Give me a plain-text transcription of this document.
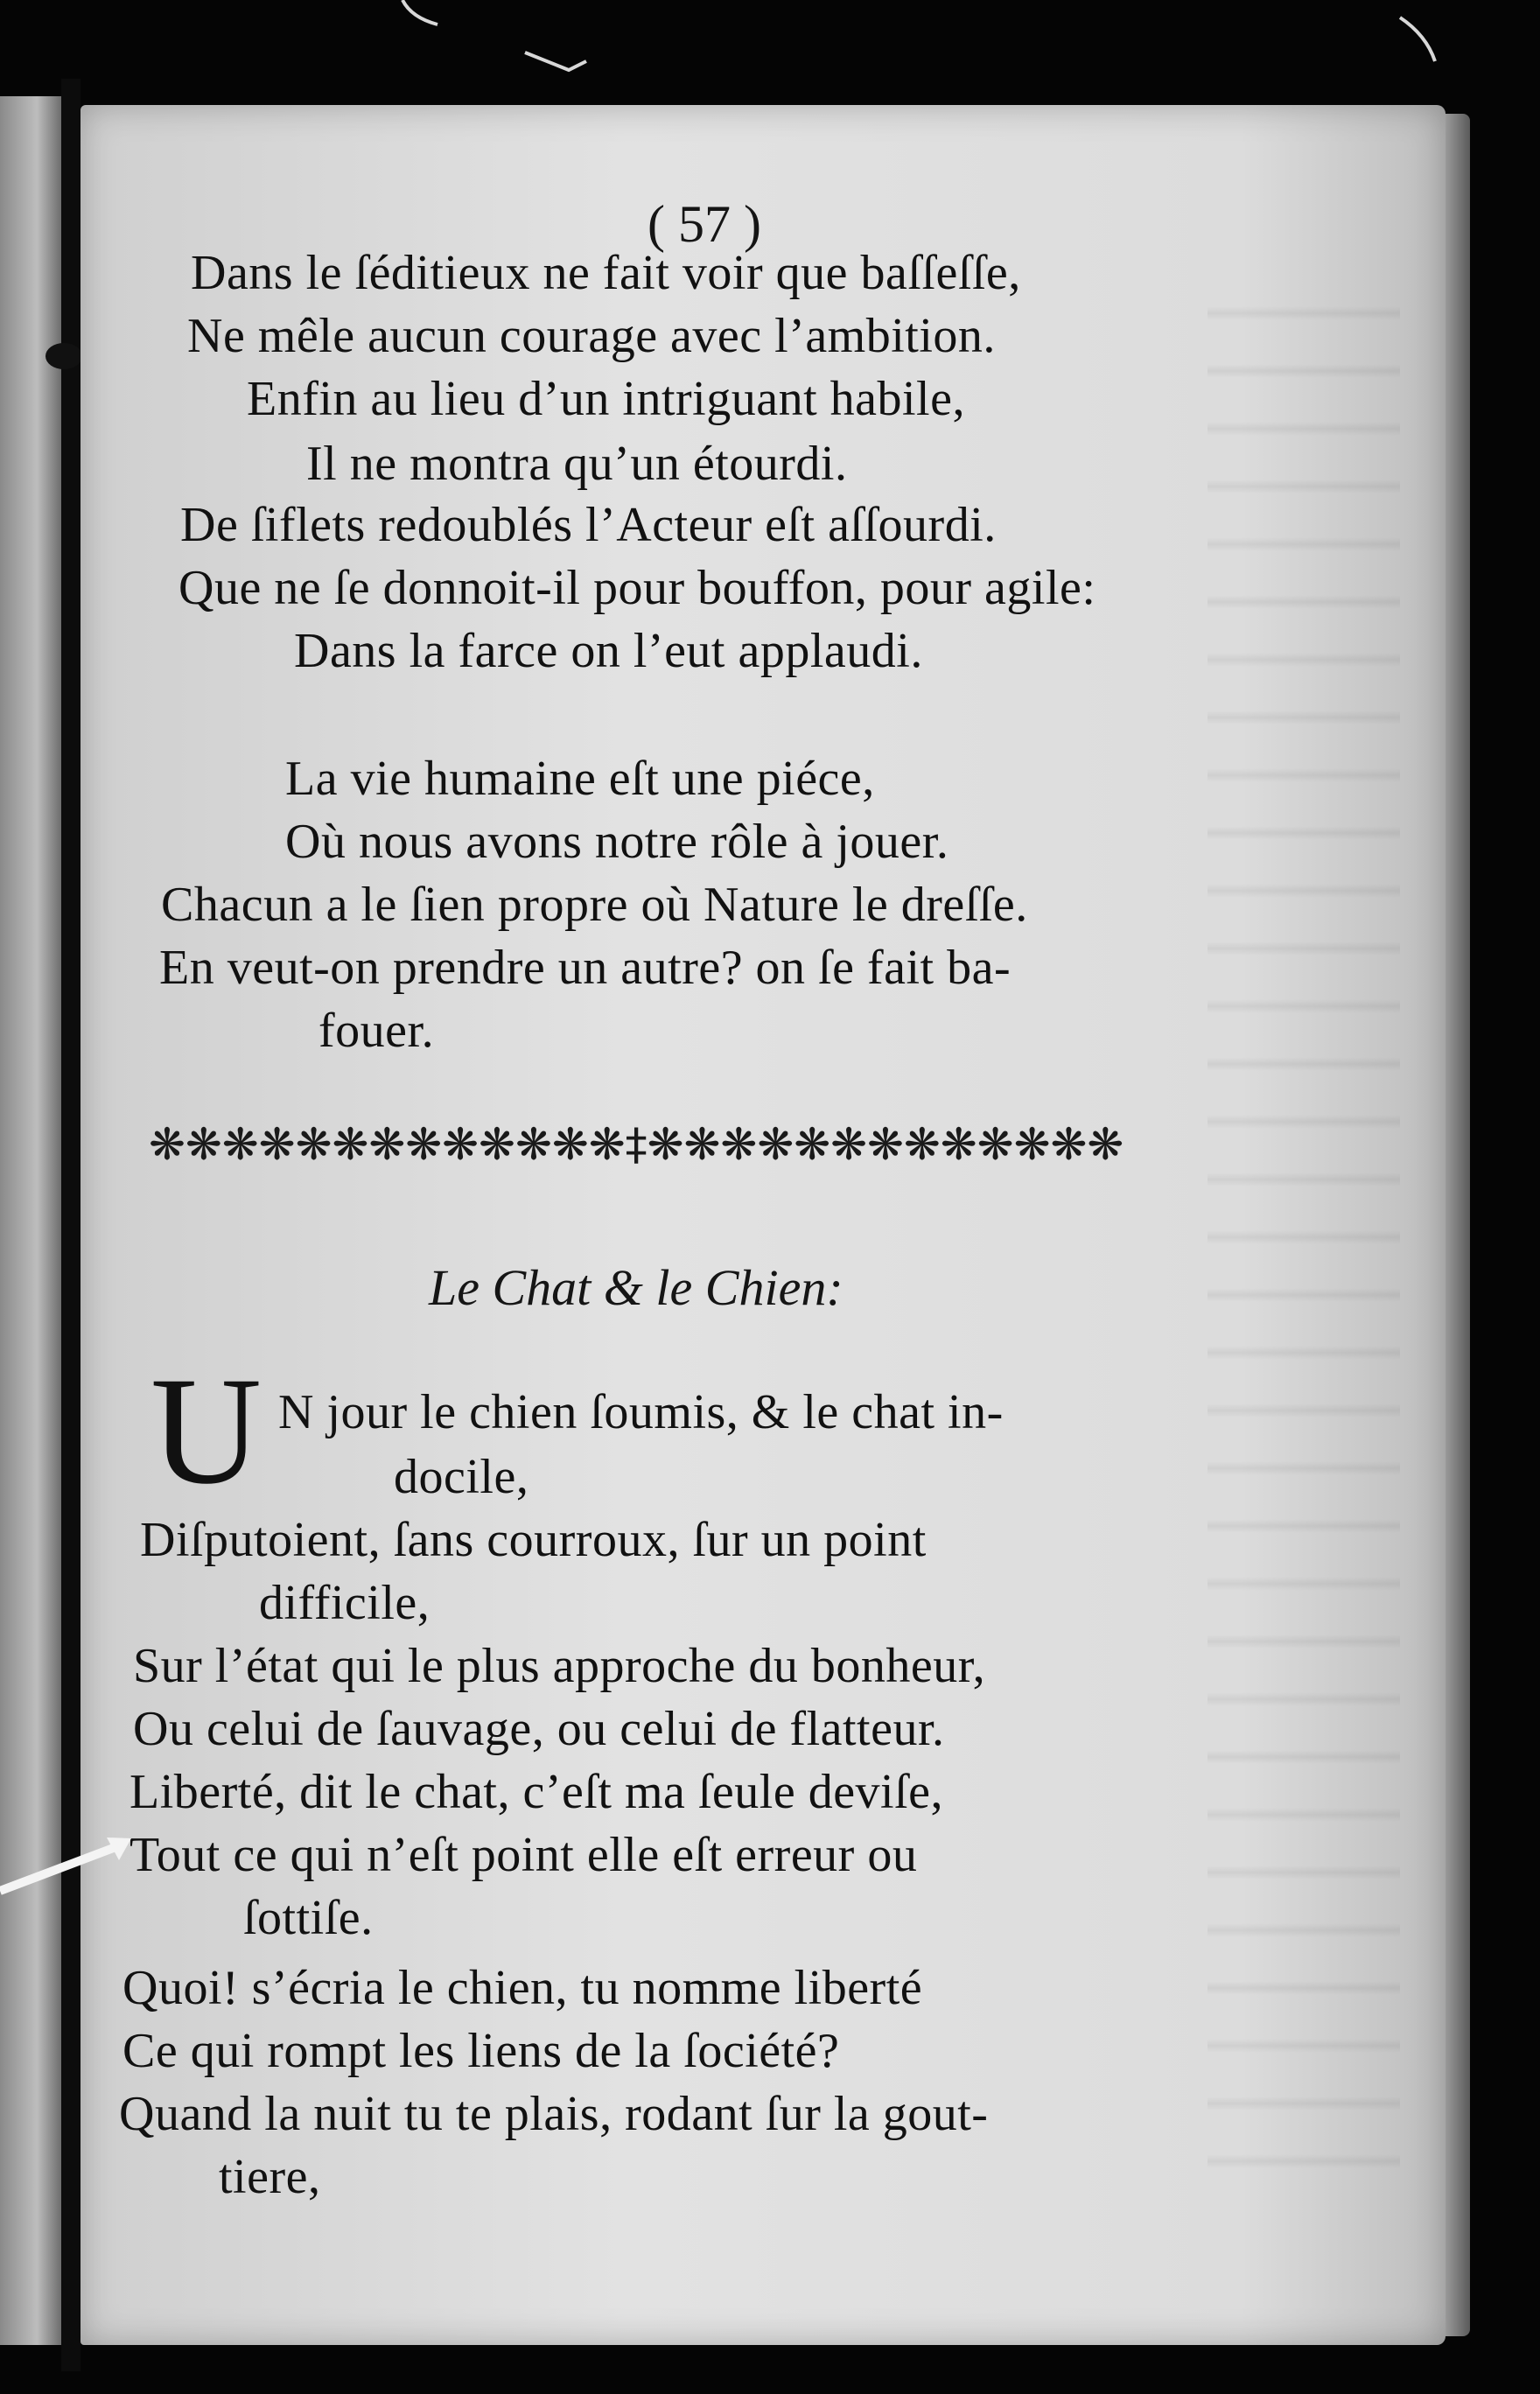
( 57 )
Dans le ſéditieux ne fait voir que baſſeſſe,
Ne mêle aucun courage avec l’ambition.
Enfin au lieu d’un intriguant habile,
Il ne montra qu’un étourdi.
De ſiflets redoublés l’Acteur eſt aſſourdi.
Que ne ſe donnoit-il pour bouffon, pour agile:
Dans la farce on l’eut applaudi.
La vie humaine eſt une piéce,
Où nous avons notre rôle à jouer.
Chacun a le ſien propre où Nature le dreſſe.
En veut-on prendre un autre? on ſe fait ba-
fouer.
❋❋❋❋❋❋❋❋❋❋❋❋❋‡❋❋❋❋❋❋❋❋❋❋❋❋❋
Le Chat & le Chien:
U N jour le chien ſoumis, & le chat in-
docile,
Diſputoient, ſans courroux, ſur un point
difficile,
Sur l’état qui le plus approche du bonheur,
Ou celui de ſauvage, ou celui de flatteur.
Liberté, dit le chat, c’eſt ma ſeule deviſe,
Tout ce qui n’eſt point elle eſt erreur ou
ſottiſe.
Quoi! s’écria le chien, tu nomme liberté
Ce qui rompt les liens de la ſociété?
Quand la nuit tu te plais, rodant ſur la gout-
tiere,
